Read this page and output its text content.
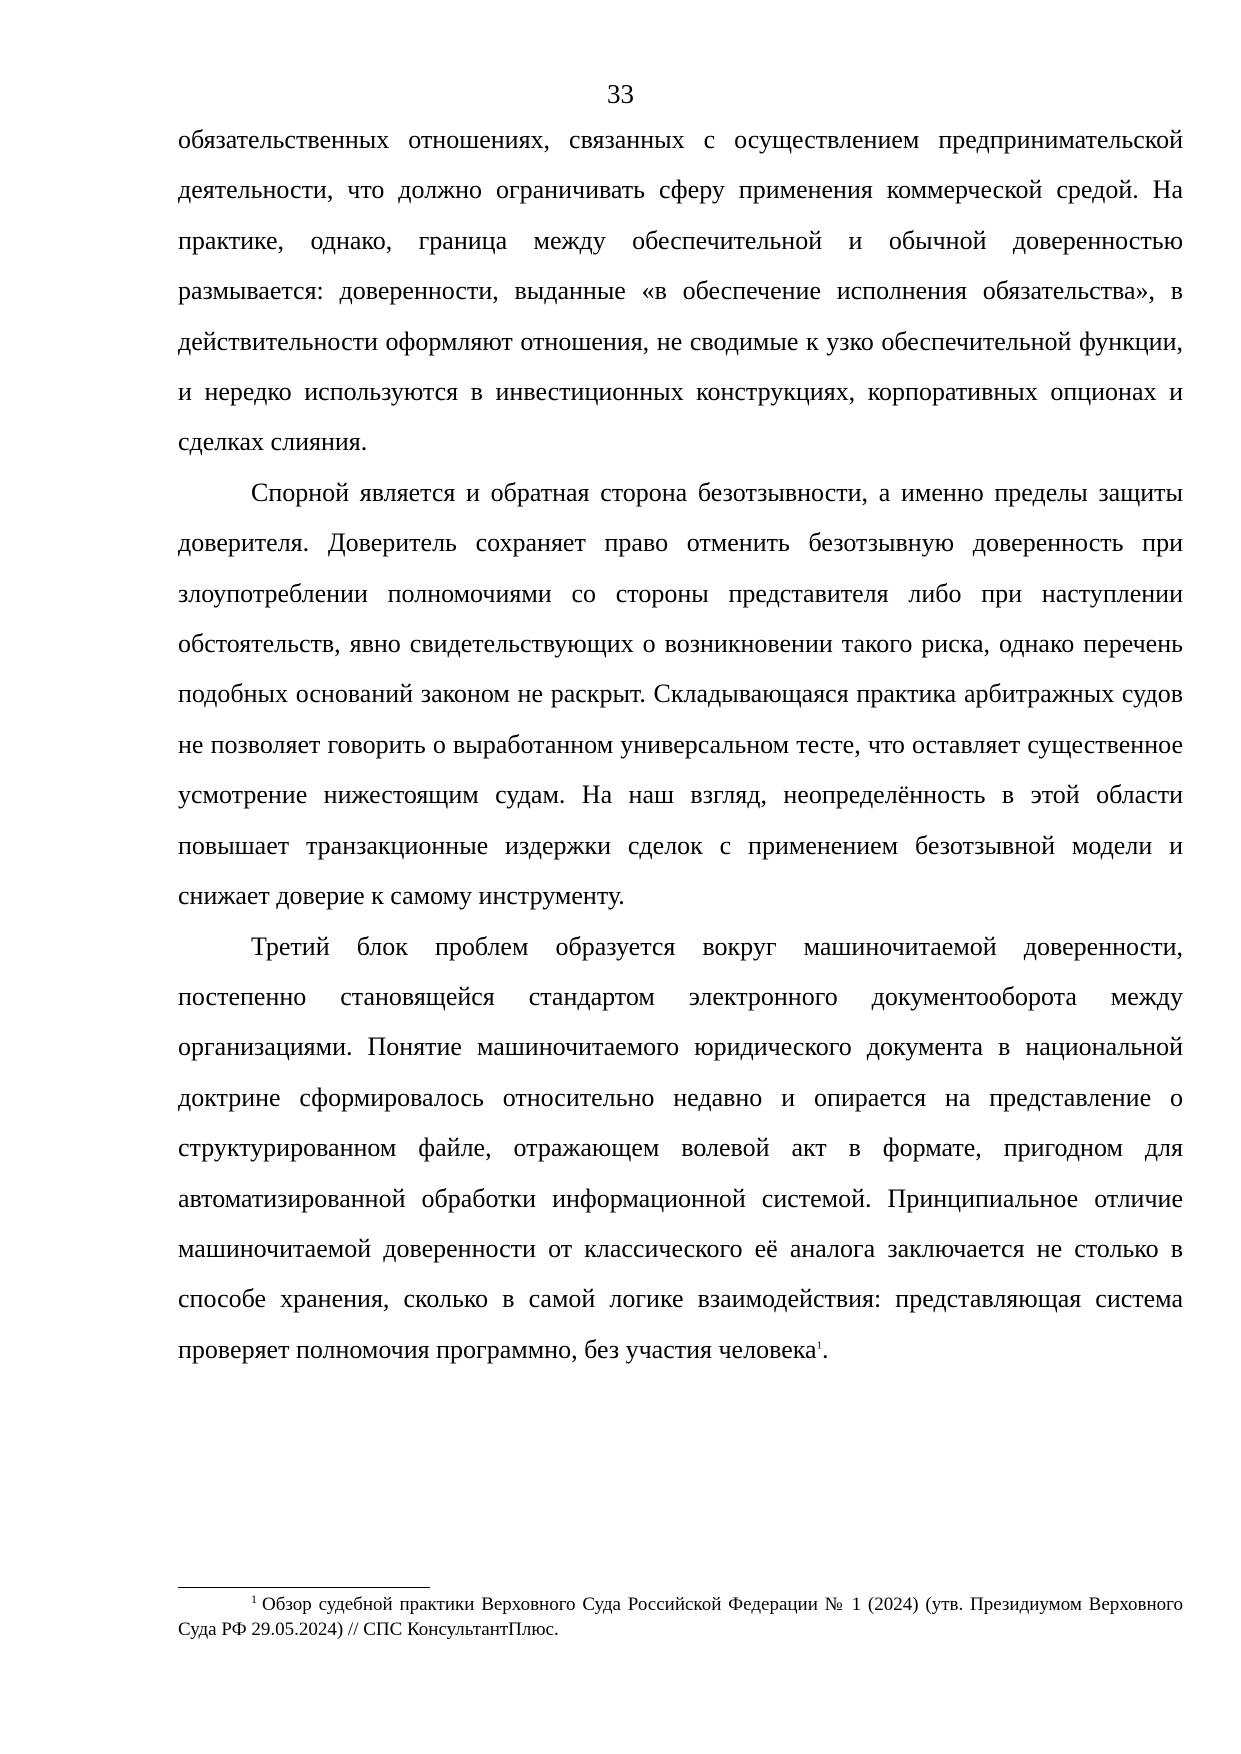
33

обязательственных отношениях, связанных с осуществлением предпринимательской деятельности, что должно ограничивать сферу применения коммерческой средой. На практике, однако, граница между обеспечительной и обычной доверенностью размывается: доверенности, выданные «в обеспечение исполнения обязательства», в действительности оформляют отношения, не сводимые к узко обеспечительной функции, и нередко используются в инвестиционных конструкциях, корпоративных опционах и сделках слияния.

Спорной является и обратная сторона безотзывности, а именно пределы защиты доверителя. Доверитель сохраняет право отменить безотзывную доверенность при злоупотреблении полномочиями со стороны представителя либо при наступлении обстоятельств, явно свидетельствующих о возникновении такого риска, однако перечень подобных оснований законом не раскрыт. Складывающаяся практика арбитражных судов не позволяет говорить о выработанном универсальном тесте, что оставляет существенное усмотрение нижестоящим судам. На наш взгляд, неопределённость в этой области повышает транзакционные издержки сделок с применением безотзывной модели и снижает доверие к самому инструменту.

Третий блок проблем образуется вокруг машиночитаемой доверенности, постепенно становящейся стандартом электронного документооборота между организациями. Понятие машиночитаемого юридического документа в национальной доктрине сформировалось относительно недавно и опирается на представление о структурированном файле, отражающем волевой акт в формате, пригодном для автоматизированной обработки информационной системой. Принципиальное отличие машиночитаемой доверенности от классического её аналога заключается не столько в способе хранения, сколько в самой логике взаимодействия: представляющая система проверяет полномочия программно, без участия человека$^1$.

$^1$ Обзор судебной практики Верховного Суда Российской Федерации № 1 (2024) (утв. Президиумом Верховного Суда РФ 29.05.2024) // СПС КонсультантПлюс.
